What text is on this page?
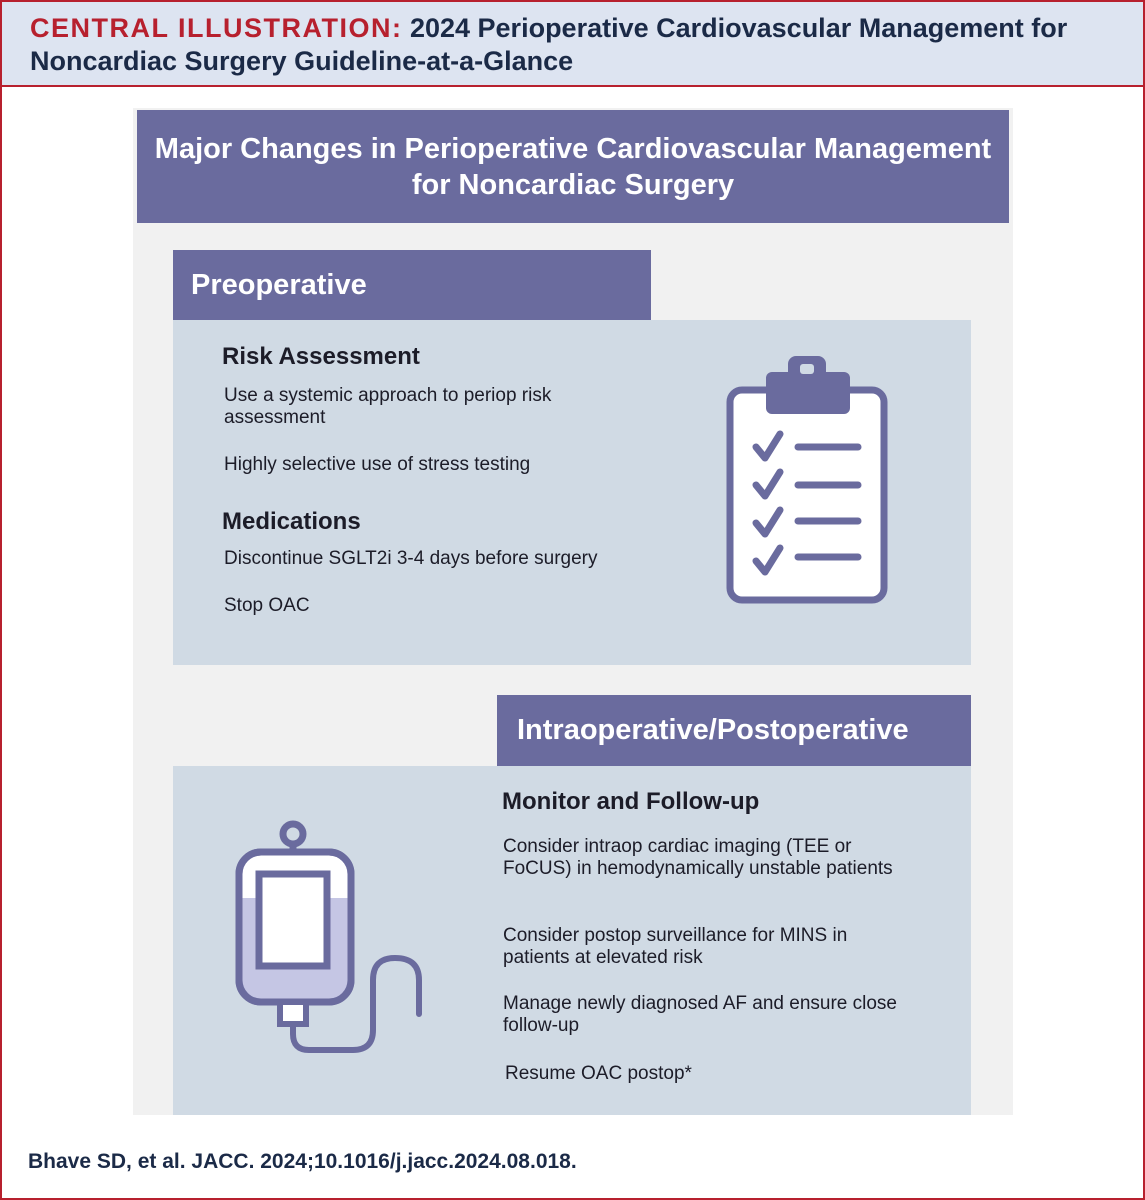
CENTRAL ILLUSTRATION: 2024 Perioperative Cardiovascular Management for Noncardiac Surgery Guideline-at-a-Glance
Major Changes in Perioperative Cardiovascular Management for Noncardiac Surgery
Preoperative
Risk Assessment
Use a systemic approach to periop risk assessment
Highly selective use of stress testing
Medications
Discontinue SGLT2i 3-4 days before surgery
Stop OAC
Intraoperative/Postoperative
Monitor and Follow-up
Consider intraop cardiac imaging (TEE or FoCUS) in hemodynamically unstable patients
Consider postop surveillance for MINS in patients at elevated risk
Manage newly diagnosed AF and ensure close follow-up
Resume OAC postop*
Bhave SD, et al. JACC. 2024;10.1016/j.jacc.2024.08.018.
